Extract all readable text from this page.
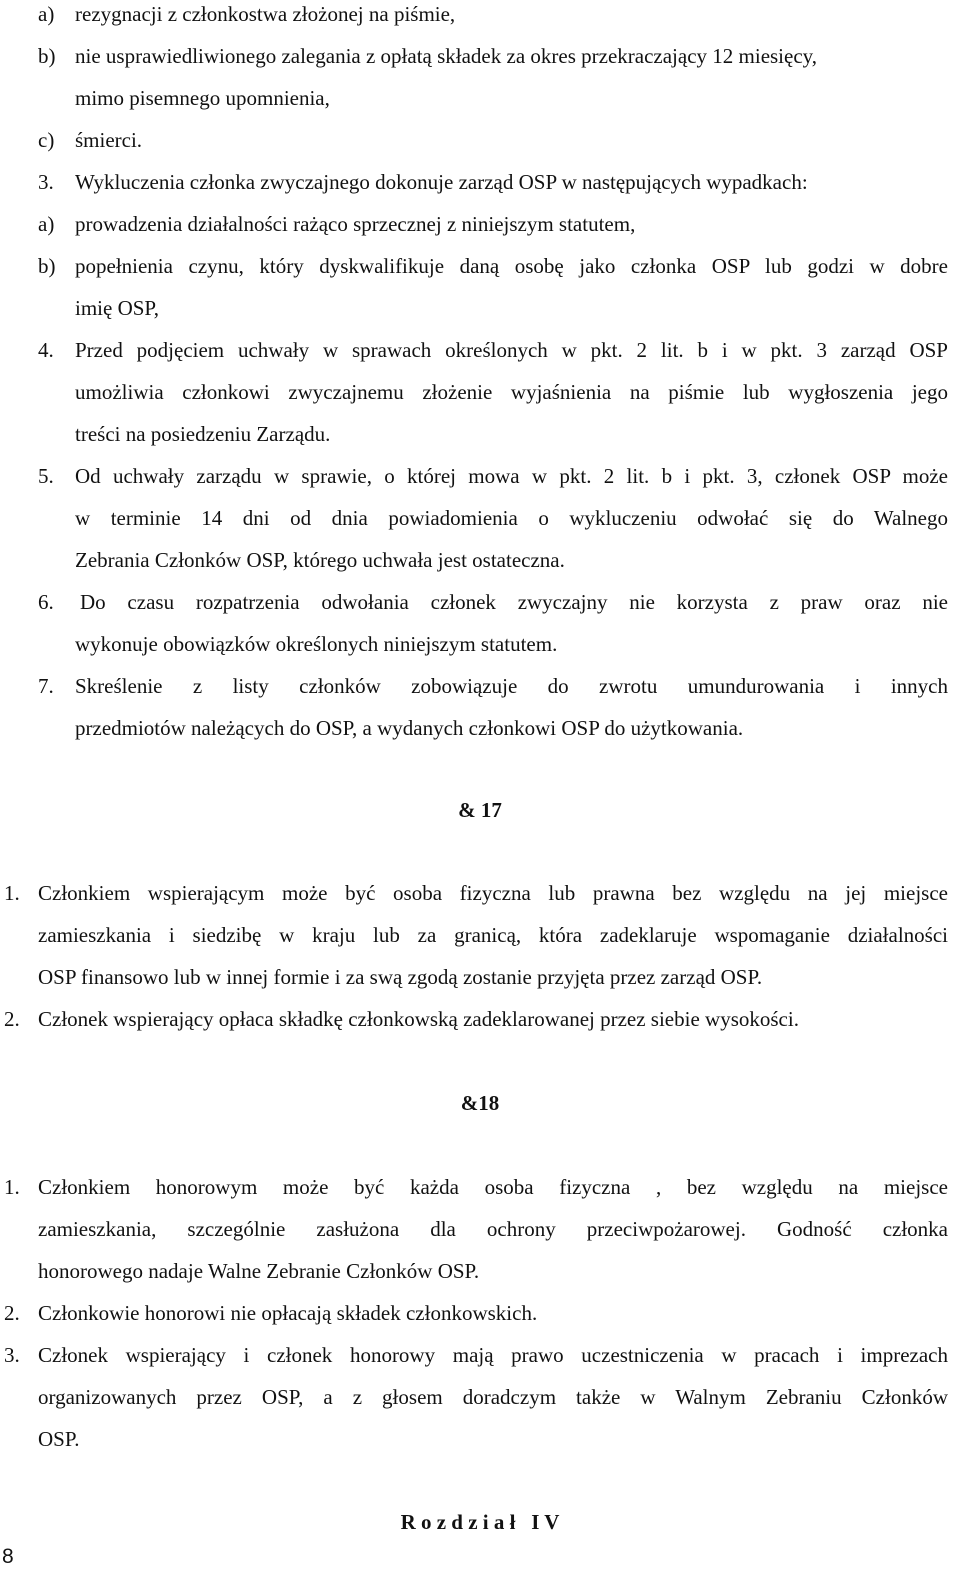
a) rezygnacji z członkostwa złożonej na piśmie,
b) nie usprawiedliwionego zalegania z opłatą składek za okres przekraczający 12 miesięcy,
mimo pisemnego upomnienia,
c) śmierci.
3. Wykluczenia członka zwyczajnego dokonuje zarząd OSP w następujących wypadkach:
a) prowadzenia działalności rażąco sprzecznej z niniejszym statutem,
b) popełnienia czynu, który dyskwalifikuje daną osobę jako członka OSP lub godzi w dobre
imię OSP,
4. Przed podjęciem uchwały w sprawach określonych w pkt. 2 lit. b i w pkt. 3 zarząd OSP
umożliwia członkowi zwyczajnemu złożenie wyjaśnienia na piśmie lub wygłoszenia jego
treści na posiedzeniu Zarządu.
5. Od uchwały zarządu w sprawie, o której mowa w pkt. 2 lit. b i pkt. 3, członek OSP może
w terminie 14 dni od dnia powiadomienia o wykluczeniu odwołać się do Walnego
Zebrania Członków OSP, którego uchwała jest ostateczna.
6. Do czasu rozpatrzenia odwołania członek zwyczajny nie korzysta z praw oraz nie
wykonuje obowiązków określonych niniejszym statutem.
7. Skreślenie z listy członków zobowiązuje do zwrotu umundurowania i innych
przedmiotów należących do OSP, a wydanych członkowi OSP do użytkowania.
& 17
1. Członkiem wspierającym może być osoba fizyczna lub prawna bez względu na jej miejsce
zamieszkania i siedzibę w kraju lub za granicą, która zadeklaruje wspomaganie działalności
OSP finansowo lub w innej formie i za swą zgodą zostanie przyjęta przez zarząd OSP.
2. Członek wspierający opłaca składkę członkowską zadeklarowanej przez siebie wysokości.
&18
1. Członkiem honorowym może być każda osoba fizyczna , bez względu na miejsce
zamieszkania, szczególnie zasłużona dla ochrony przeciwpożarowej. Godność członka
honorowego nadaje Walne Zebranie Członków OSP.
2. Członkowie honorowi nie opłacają składek członkowskich.
3. Członek wspierający i członek honorowy mają prawo uczestniczenia w pracach i imprezach
organizowanych przez OSP, a z głosem doradczym także w Walnym Zebraniu Członków
OSP.
R o z d z i a ł   I V
8
